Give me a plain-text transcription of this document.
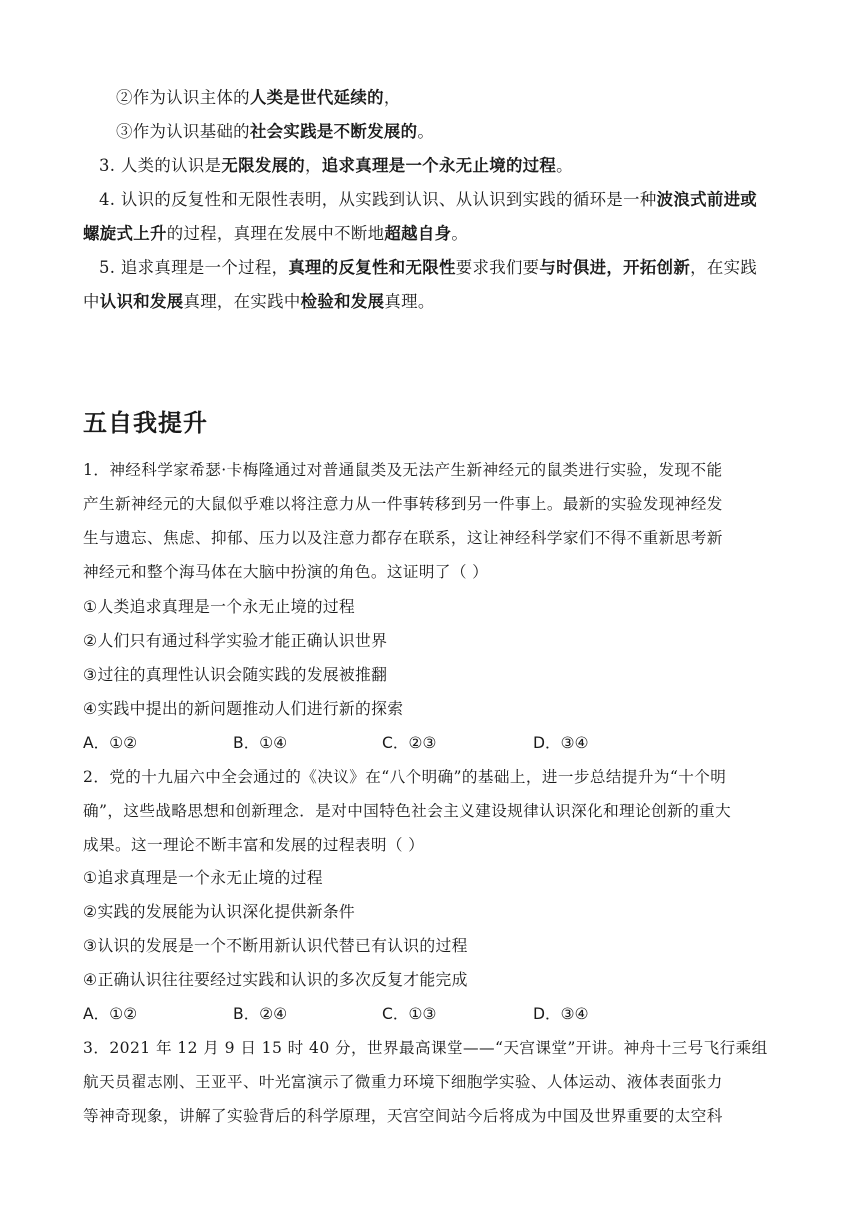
②作为认识主体的人类是世代延续的，
③作为认识基础的社会实践是不断发展的。
3. 人类的认识是无限发展的，追求真理是一个永无止境的过程。
4. 认识的反复性和无限性表明，从实践到认识、从认识到实践的循环是一种波浪式前进或
螺旋式上升的过程，真理在发展中不断地超越自身。
5. 追求真理是一个过程，真理的反复性和无限性要求我们要与时俱进，开拓创新，在实践
中认识和发展真理，在实践中检验和发展真理。
五自我提升
1．神经科学家希瑟·卡梅隆通过对普通鼠类及无法产生新神经元的鼠类进行实验，发现不能
产生新神经元的大鼠似乎难以将注意力从一件事转移到另一件事上。最新的实验发现神经发
生与遗忘、焦虑、抑郁、压力以及注意力都存在联系，这让神经科学家们不得不重新思考新
神经元和整个海马体在大脑中扮演的角色。这证明了（ ）
①人类追求真理是一个永无止境的过程
②人们只有通过科学实验才能正确认识世界
③过往的真理性认识会随实践的发展被推翻
④实践中提出的新问题推动人们进行新的探索
A．①②	B．①④	C．②③	D．③④
2．党的十九届六中全会通过的《决议》在“八个明确”的基础上，进一步总结提升为“十个明
确”，这些战略思想和创新理念．是对中国特色社会主义建设规律认识深化和理论创新的重大
成果。这一理论不断丰富和发展的过程表明（ ）
①追求真理是一个永无止境的过程
②实践的发展能为认识深化提供新条件
③认识的发展是一个不断用新认识代替已有认识的过程
④正确认识往往要经过实践和认识的多次反复才能完成
A．①②	B．②④	C．①③	D．③④
3．2021 年 12 月 9 日 15 时 40 分，世界最高课堂——“天宫课堂”开讲。神舟十三号飞行乘组
航天员翟志刚、王亚平、叶光富演示了微重力环境下细胞学实验、人体运动、液体表面张力
等神奇现象，讲解了实验背后的科学原理，天宫空间站今后将成为中国及世界重要的太空科
